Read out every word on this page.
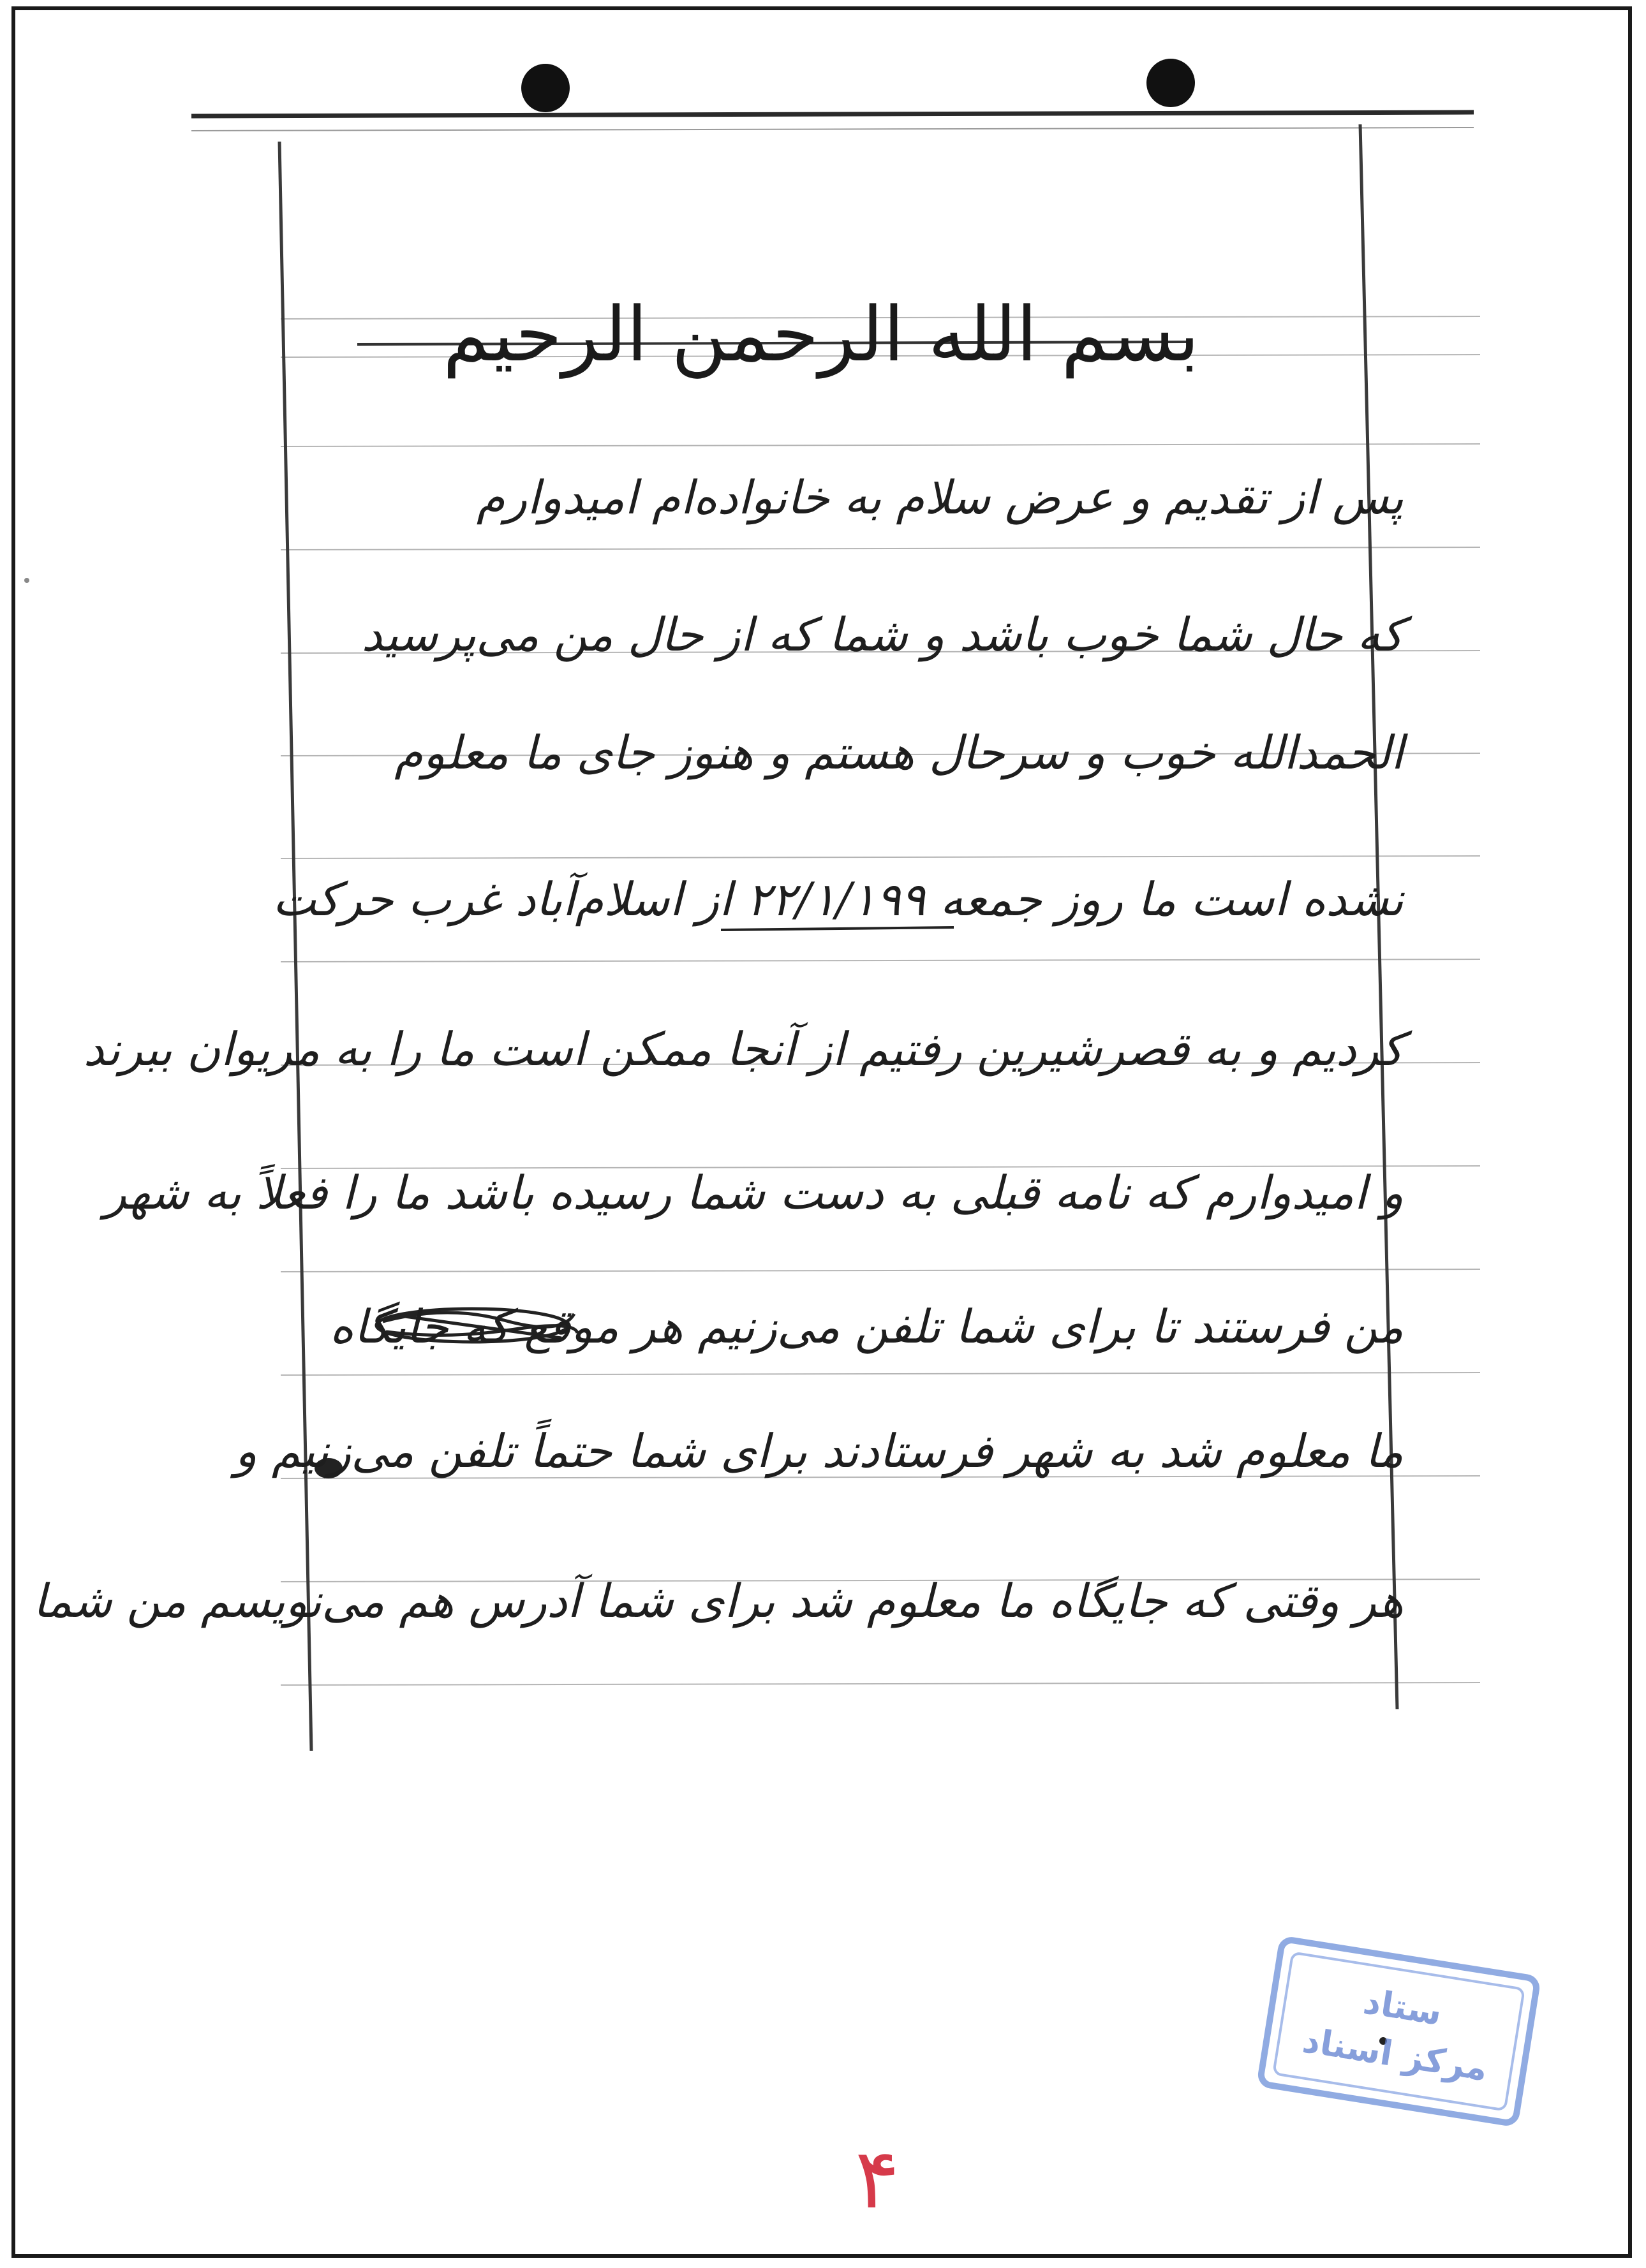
بسم الله الرحمن الرحیم
پس از تقدیم و عرض سلام به خانواده‌ام امیدوارم
که حال شما خوب باشد و شما که از حال من می‌پرسید
الحمدالله خوب و سرحال هستم و هنوز جای ما معلوم
نشده است ما روز جمعه ۲۲/۱/۱۹۹ از اسلام‌آباد غرب حرکت
کردیم و به قصرشیرین رفتیم از آنجا ممکن است ما را به مریوان ببرند
و امیدوارم که نامه قبلی به دست شما رسیده باشد ما را فعلاً به شهر
من فرستند تا برای شما تلفن می‌زنیم هر موقع که جایگاه
ما معلوم شد به شهر فرستادند برای شما حتماً تلفن می‌زنیم و
هر وقتی که جایگاه ما معلوم شد برای شما آدرس هم می‌نویسم من شما
ستاد
مرکز اسناد
۴
